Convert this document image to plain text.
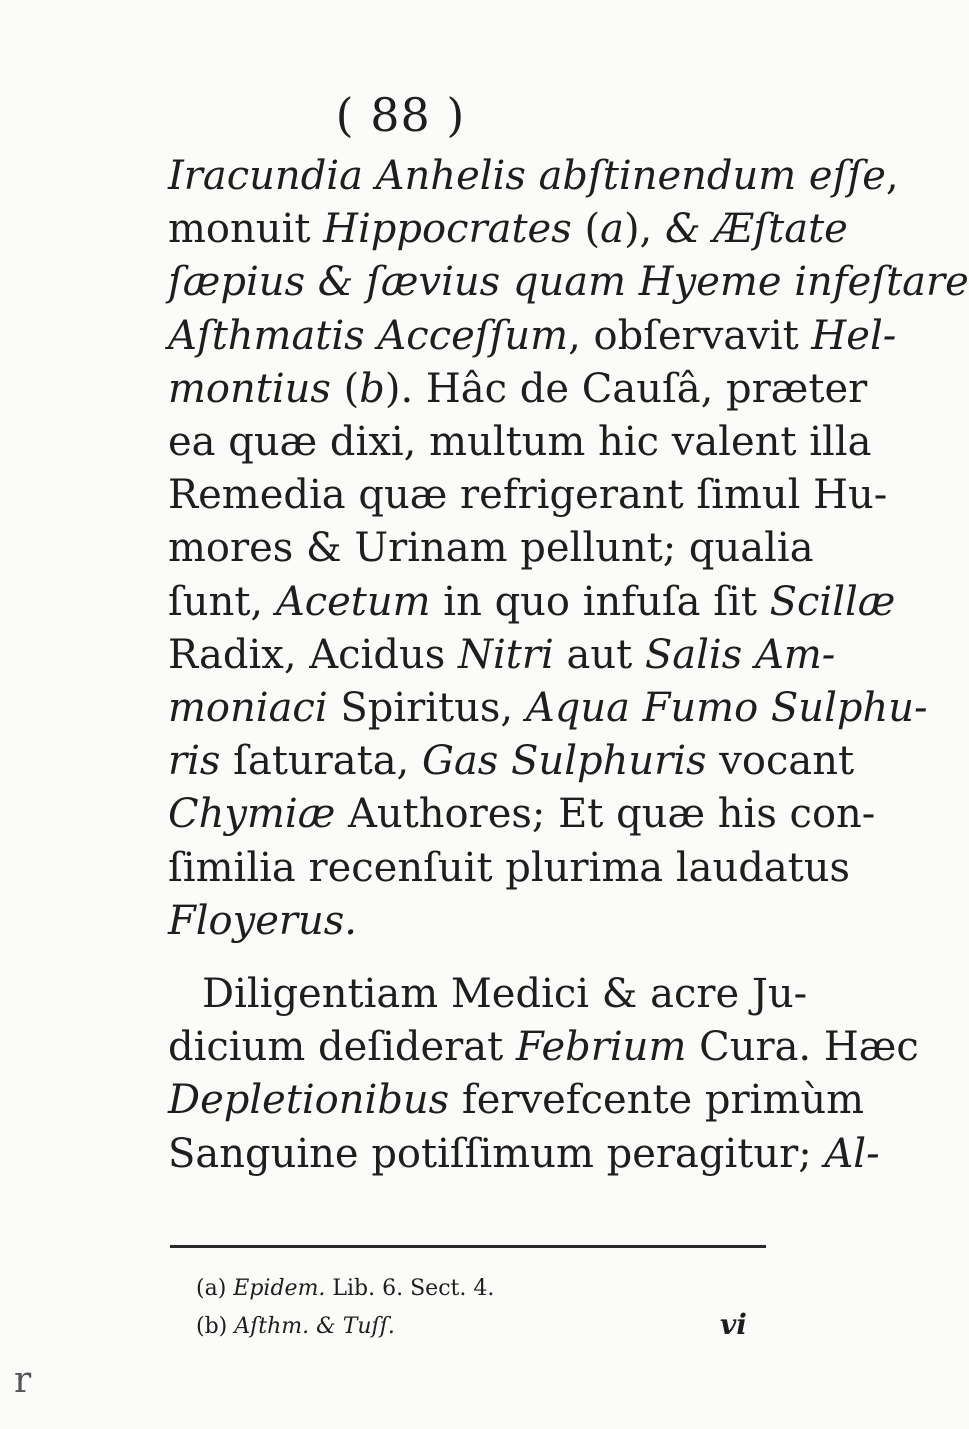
( 88 )
Iracundia Anhelis abſtinendum eſſe,
monuit Hippocrates (a), & Æſtate
ſæpius & ſævius quam Hyeme infeſtare
Aſthmatis Acceſſum, obſervavit Hel-
montius (b). Hâc de Cauſâ, præter
ea quæ dixi, multum hic valent illa
Remedia quæ refrigerant ſimul Hu-
mores & Urinam pellunt; qualia
ſunt, Acetum in quo infuſa ſit Scillæ
Radix, Acidus Nitri aut Salis Am-
moniaci Spiritus, Aqua Fumo Sulphu-
ris ſaturata, Gas Sulphuris vocant
Chymiæ Authores; Et quæ his con-
ſimilia recenſuit plurima laudatus
Floyerus.
Diligentiam Medici & acre Ju-
dicium deſiderat Febrium Cura. Hæc
Depletionibus fervefcente primùm
Sanguine potiſſimum peragitur; Al-
(a) Epidem. Lib. 6. Sect. 4.
(b) Aſthm. & Tuſſ.	vi
r
